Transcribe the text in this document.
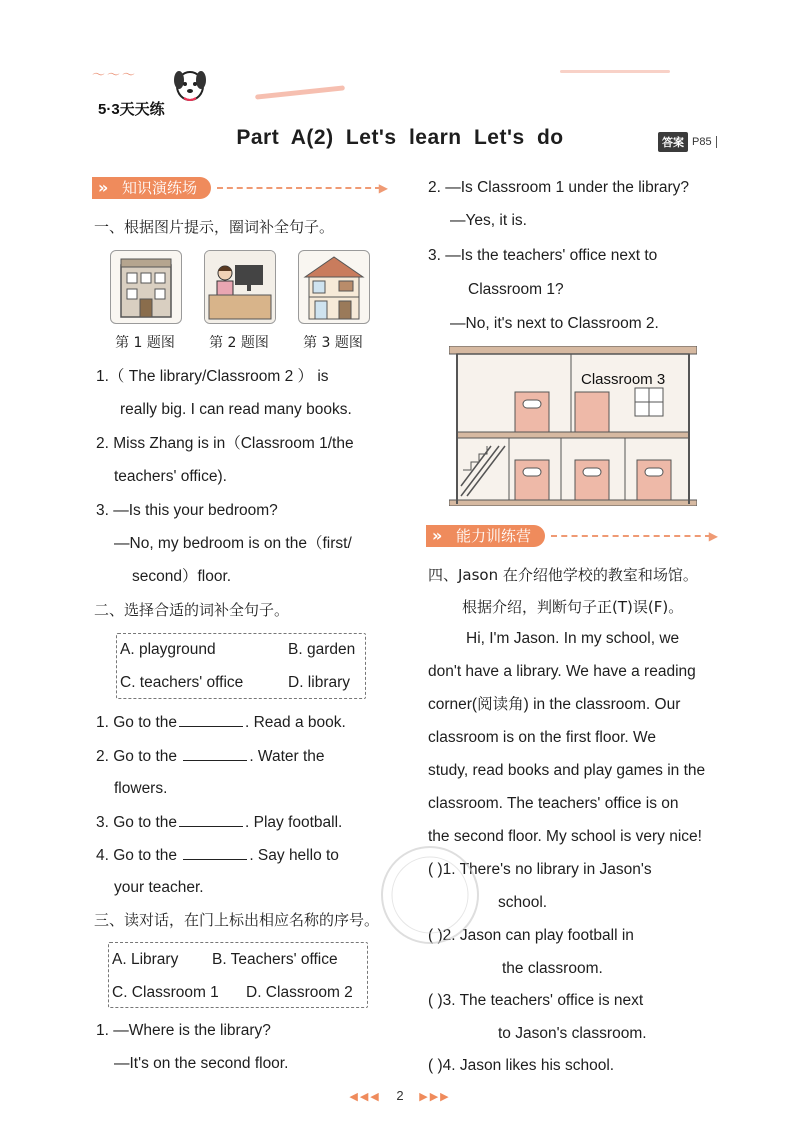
〜〜〜
5·3天天练
Part A(2) Let's learn Let's do	答案 P85
» 知识演练场	▶
一、根据图片提示，圈词补全句子。
第 1 题图	第 2 题图	第 3 题图
1.（ The library/Classroom 2 ） is
really big. I can read many books.
2. Miss Zhang is in（Classroom 1/the
teachers' office).
3. —Is this your bedroom?
—No, my bedroom is on the（first/
second）floor.
二、选择合适的词补全句子。
A. playground	B. garden
C. teachers' office	D. library
1. Go to the	. Read a book.
2. Go to the	. Water the
flowers.
3. Go to the	. Play football.
4. Go to the	. Say hello to
your teacher.
三、读对话，在门上标出相应名称的序号。
A. Library B. Teachers' office
C. Classroom 1 D. Classroom 2
1. —Where is the library?
—It's on the second floor.
2. —Is Classroom 1 under the library?
—Yes, it is.
3. —Is the teachers' office next to
Classroom 1?
—No, it's next to Classroom 2.
Classroom 3
» 能力训练营	▶
四、Jason 在介绍他学校的教室和场馆。
根据介绍，判断句子正(T)误(F)。
Hi, I'm Jason. In my school, we
don't have a library. We have a reading
corner(阅读角) in the classroom. Our
classroom is on the first floor. We
study, read books and play games in the
classroom. The teachers' office is on
the second floor. My school is very nice!
( )1. There's no library in Jason's
school.
( )2. Jason can play football in
the classroom.
( )3. The teachers' office is next
to Jason's classroom.
( )4. Jason likes his school.
◀◀◀ 2 ▶▶▶
